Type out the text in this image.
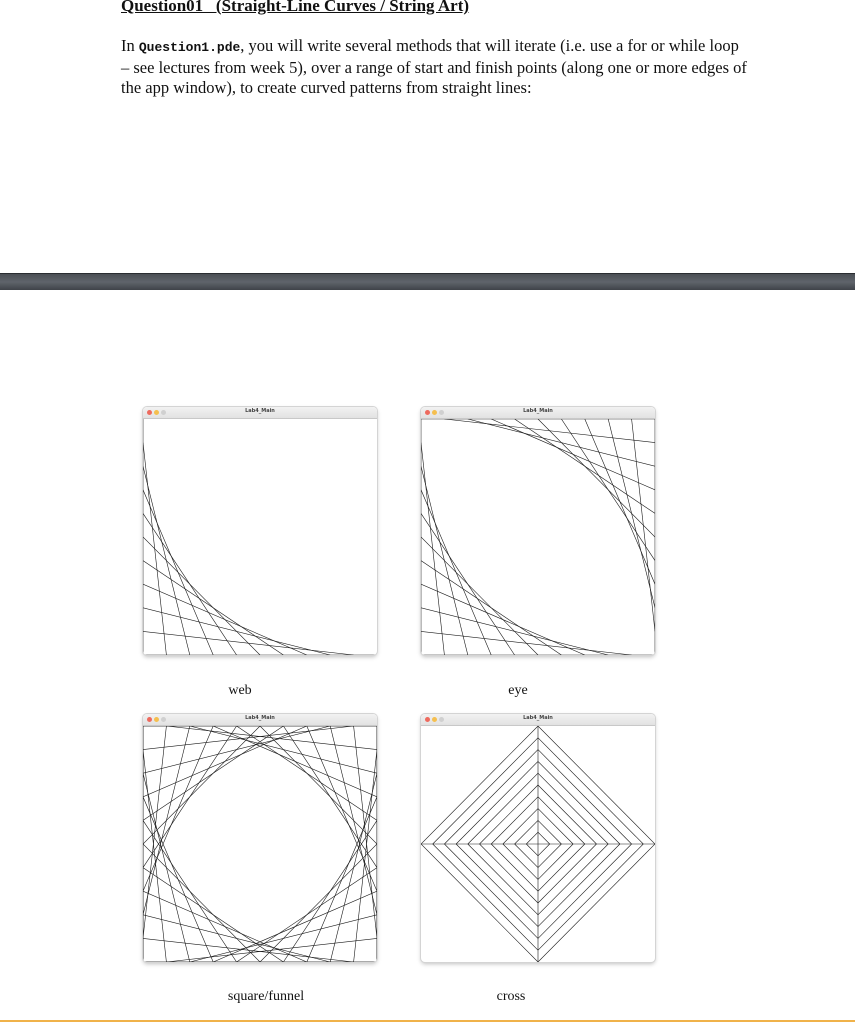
Question01   (Straight-Line Curves / String Art)

In Question1.pde, you will write several methods that will iterate (i.e. use a for or while loop – see lectures from week 5), over a range of start and finish points (along one or more edges of the app window), to create curved patterns from straight lines:

Lab4_Main

web

Lab4_Main

eye

Lab4_Main

square/funnel

Lab4_Main

cross
